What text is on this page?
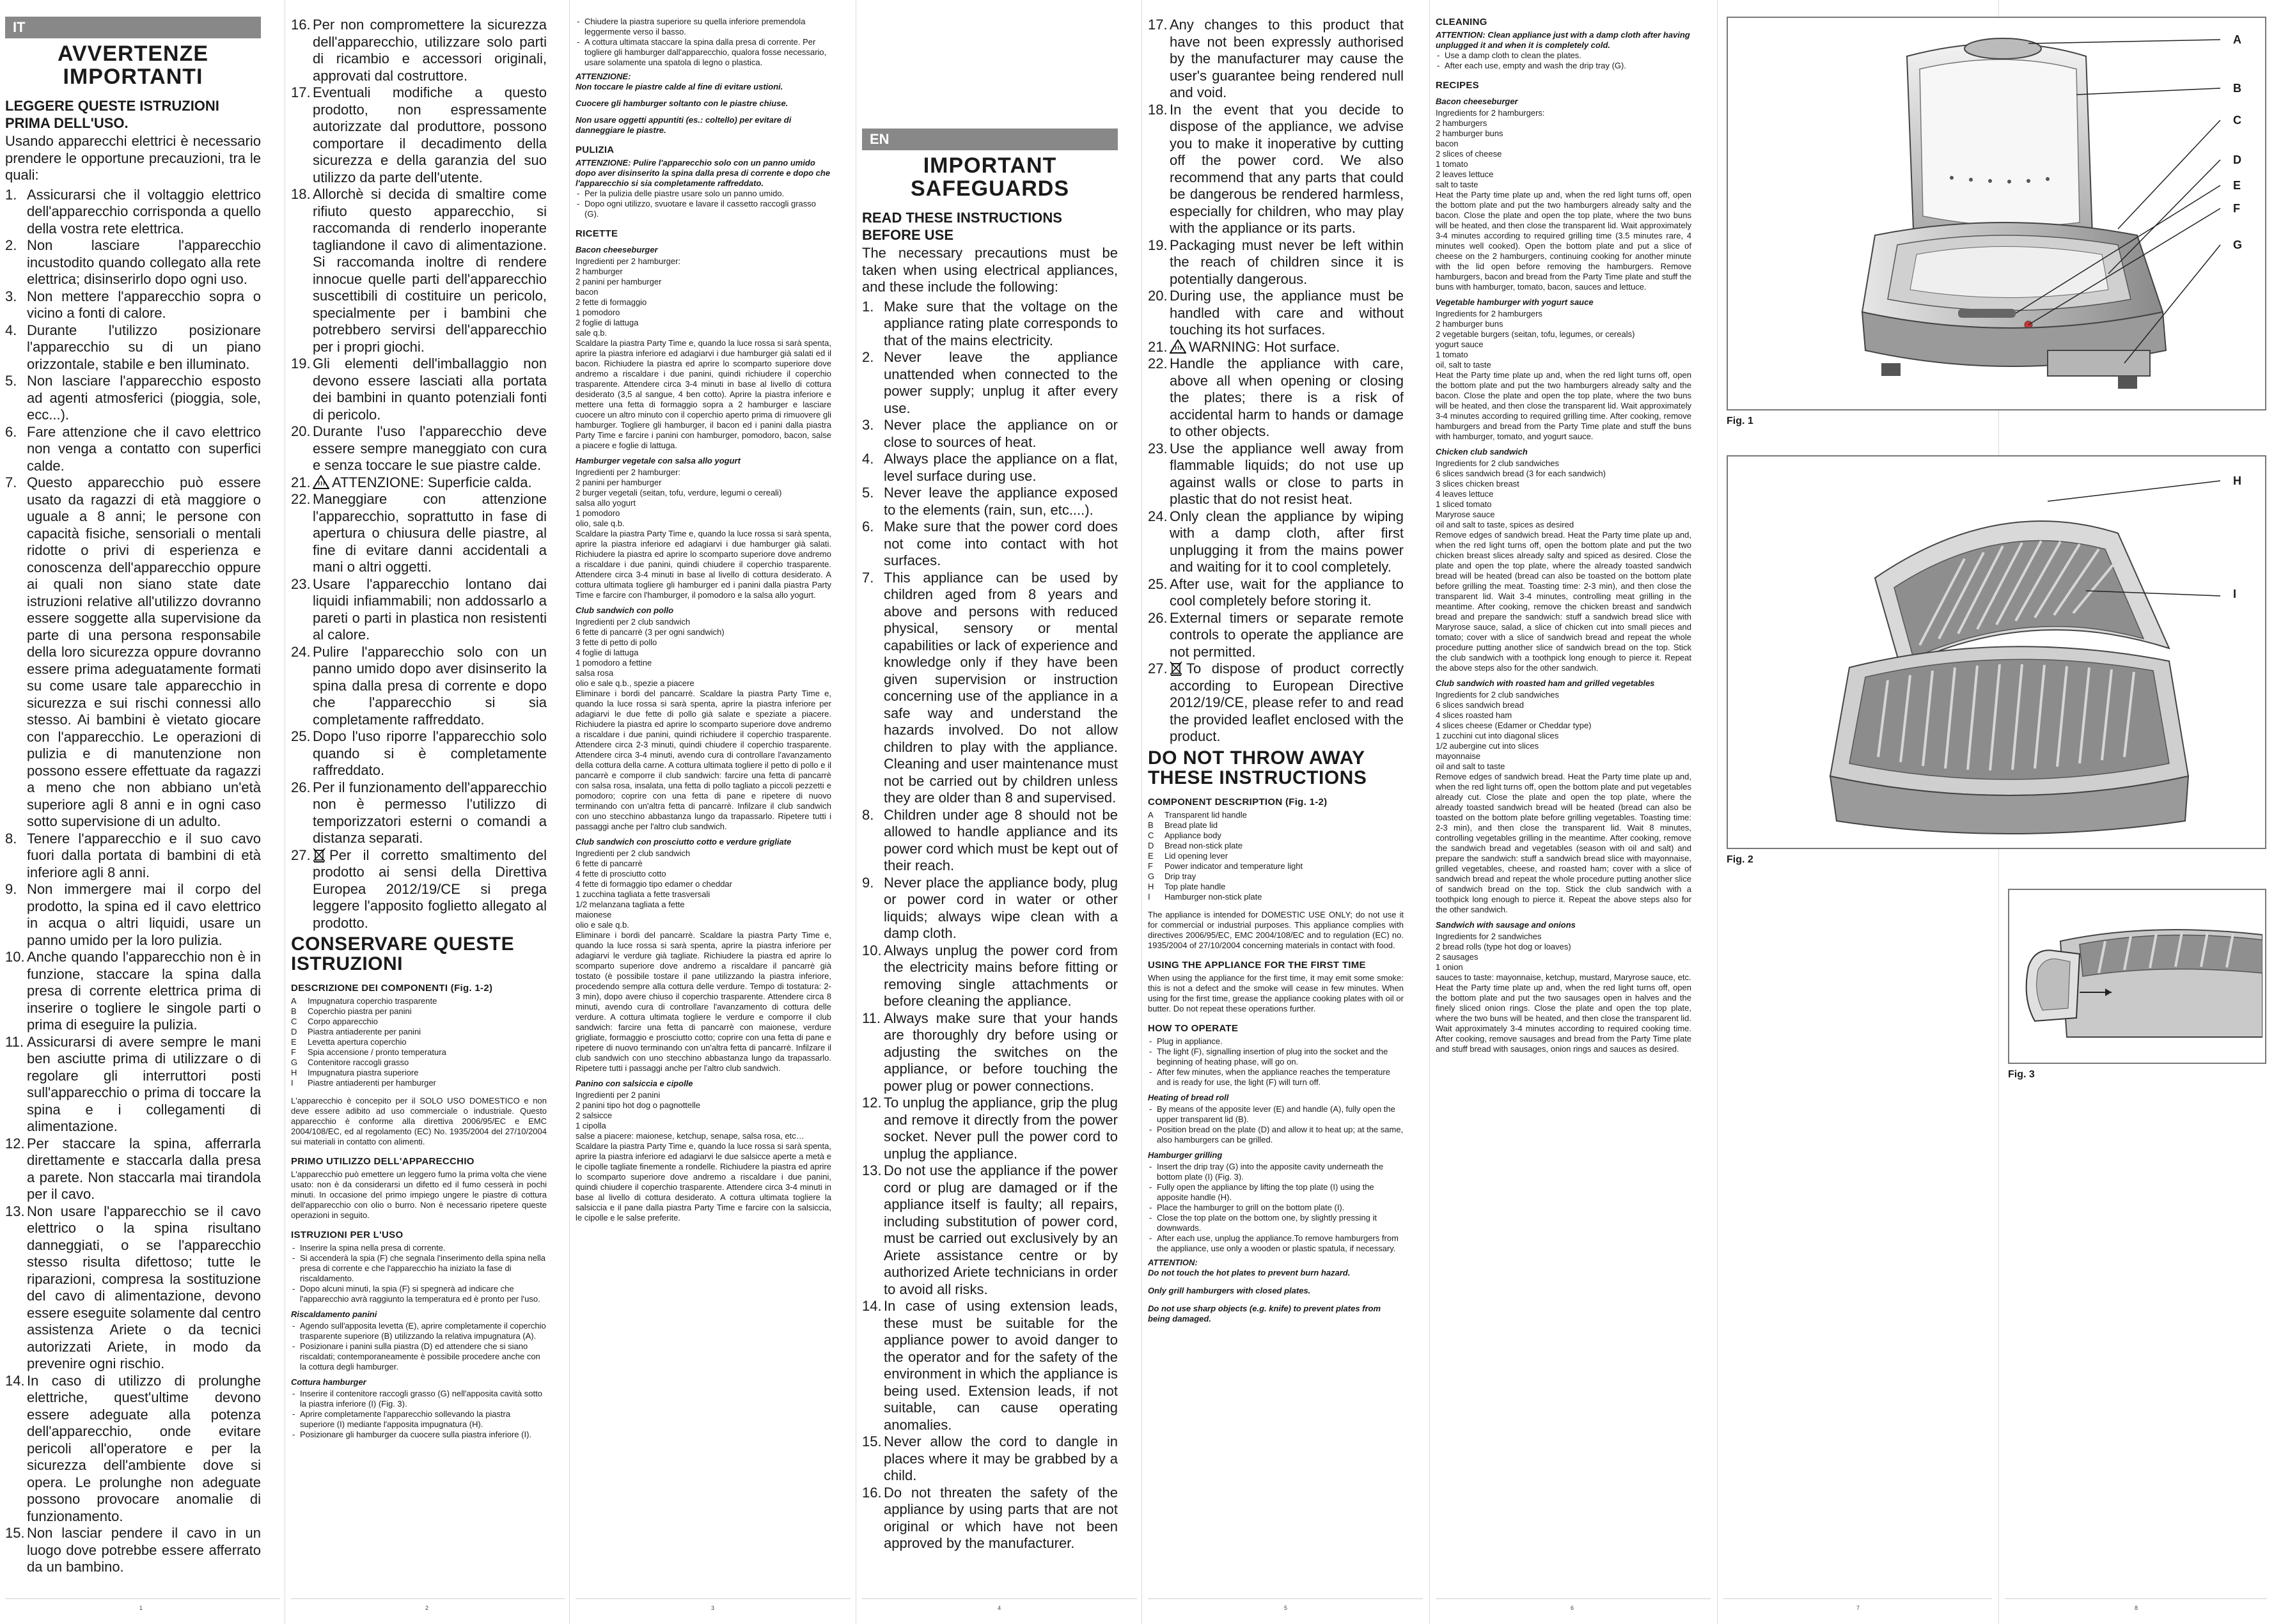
IT
AVVERTENZE
IMPORTANTI
LEGGERE QUESTE ISTRUZIONI PRIMA DELL'USO.
Usando apparecchi elettrici è necessario prendere le opportune precauzioni, tra le quali:
1. Assicurarsi che il voltaggio elettrico dell'apparecchio corrisponda a quello della vostra rete elettrica.
2. Non lasciare l'apparecchio incustodito quando collegato alla rete elettrica; disinserirlo dopo ogni uso.
3. Non mettere l'apparecchio sopra o vicino a fonti di calore.
4. Durante l'utilizzo posizionare l'apparecchio su di un piano orizzontale, stabile e ben illuminato.
5. Non lasciare l'apparecchio esposto ad agenti atmosferici (pioggia, sole, ecc...).
6. Fare attenzione che il cavo elettrico non venga a contatto con superfici calde.
7. Questo apparecchio può essere usato da ragazzi di età maggiore o uguale a 8 anni; le persone con capacità fisiche, sensoriali o mentali ridotte o privi di esperienza e conoscenza dell'apparecchio oppure ai quali non siano state date istruzioni relative all'utilizzo dovranno essere soggette alla supervisione da parte di una persona responsabile della loro sicurezza oppure dovranno essere prima adeguatamente formati su come usare tale apparecchio in sicurezza e sui rischi connessi allo stesso. Ai bambini è vietato giocare con l'apparecchio. Le operazioni di pulizia e di manutenzione non possono essere effettuate da ragazzi a meno che non abbiano un'età superiore agli 8 anni e in ogni caso sotto supervisione di un adulto.
8. Tenere l'apparecchio e il suo cavo fuori dalla portata di bambini di età inferiore agli 8 anni.
9. Non immergere mai il corpo del prodotto, la spina ed il cavo elettrico in acqua o altri liquidi, usare un panno umido per la loro pulizia.
10. Anche quando l'apparecchio non è in funzione, staccare la spina dalla presa di corrente elettrica prima di inserire o togliere le singole parti o prima di eseguire la pulizia.
11. Assicurarsi di avere sempre le mani ben asciutte prima di utilizzare o di regolare gli interruttori posti sull'apparecchio o prima di toccare la spina e i collegamenti di alimentazione.
12. Per staccare la spina, afferrarla direttamente e staccarla dalla presa a parete. Non staccarla mai tirandola per il cavo.
13. Non usare l'apparecchio se il cavo elettrico o la spina risultano danneggiati, o se l'apparecchio stesso risulta difettoso; tutte le riparazioni, compresa la sostituzione del cavo di alimentazione, devono essere eseguite solamente dal centro assistenza Ariete o da tecnici autorizzati Ariete, in modo da prevenire ogni rischio.
14. In caso di utilizzo di prolunghe elettriche, quest'ultime devono essere adeguate alla potenza dell'apparecchio, onde evitare pericoli all'operatore e per la sicurezza dell'ambiente dove si opera. Le prolunghe non adeguate possono provocare anomalie di funzionamento.
15. Non lasciar pendere il cavo in un luogo dove potrebbe essere afferrato da un bambino.
16. Per non compromettere la sicurezza dell'apparecchio, utilizzare solo parti di ricambio e accessori originali, approvati dal costruttore.
17. Eventuali modifiche a questo prodotto, non espressamente autorizzate dal produttore, possono comportare il decadimento della sicurezza e della garanzia del suo utilizzo da parte dell'utente.
18. Allorchè si decida di smaltire come rifiuto questo apparecchio, si raccomanda di renderlo inoperante tagliandone il cavo di alimentazione. Si raccomanda inoltre di rendere innocue quelle parti dell'apparecchio suscettibili di costituire un pericolo, specialmente per i bambini che potrebbero servirsi dell'apparecchio per i propri giochi.
19. Gli elementi dell'imballaggio non devono essere lasciati alla portata dei bambini in quanto potenziali fonti di pericolo.
20. Durante l'uso l'apparecchio deve essere sempre maneggiato con cura e senza toccare le sue piastre calde.
21. ATTENZIONE: Superficie calda.
22. Maneggiare con attenzione l'apparecchio, soprattutto in fase di apertura o chiusura delle piastre, al fine di evitare danni accidentali a mani o altri oggetti.
23. Usare l'apparecchio lontano dai liquidi infiammabili; non addossarlo a pareti o parti in plastica non resistenti al calore.
24. Pulire l'apparecchio solo con un panno umido dopo aver disinserito la spina dalla presa di corrente e dopo che l'apparecchio si sia completamente raffreddato.
25. Dopo l'uso riporre l'apparecchio solo quando si è completamente raffreddato.
26. Per il funzionamento dell'apparecchio non è permesso l'utilizzo di temporizzatori esterni o comandi a distanza separati.
27. Per il corretto smaltimento del prodotto ai sensi della Direttiva Europea 2012/19/CE si prega leggere l'apposito foglietto allegato al prodotto.
CONSERVARE QUESTE ISTRUZIONI
DESCRIZIONE DEI COMPONENTI (Fig. 1-2)
A	Impugnatura coperchio trasparente
B	Coperchio piastra per panini
C	Corpo apparecchio
D	Piastra antiaderente per panini
E	Levetta apertura coperchio
F	Spia accensione / pronto temperatura
G	Contenitore raccogli grasso
H	Impugnatura piastra superiore
I	Piastre antiaderenti per hamburger

L'apparecchio è concepito per il SOLO USO DOMESTICO e non deve essere adibito ad uso commerciale o industriale. Questo apparecchio è conforme alla direttiva 2006/95/EC e EMC 2004/108/EC, ed al regolamento (EC) No. 1935/2004 del 27/10/2004 sui materiali in contatto con alimenti.

PRIMO UTILIZZO DELL'APPARECCHIO

L'apparecchio può emettere un leggero fumo la prima volta che viene usato: non è da considerarsi un difetto ed il fumo cesserà in pochi minuti. In occasione del primo impiego ungere le piastre di cottura dell'apparecchio con olio o burro. Non è necessario ripetere queste operazioni in seguito.

ISTRUZIONI PER L'USO
- Inserire la spina nella presa di corrente.
- Si accenderà la spia (F) che segnala l'inserimento della spina nella presa di corrente e che l'apparecchio ha iniziato la fase di riscaldamento.
- Dopo alcuni minuti, la spia (F) si spegnerà ad indicare che l'apparecchio avrà raggiunto la temperatura ed è pronto per l'uso.
Riscaldamento panini
- Agendo sull'apposita levetta (E), aprire completamente il coperchio trasparente superiore (B) utilizzando la relativa impugnatura (A).
- Posizionare i panini sulla piastra (D) ed attendere che si siano riscaldati; contemporaneamente è possibile procedere anche con la cottura degli hamburger.
Cottura hamburger
- Inserire il contenitore raccogli grasso (G) nell'apposita cavità sotto la piastra inferiore (I) (Fig. 3).
- Aprire completamente l'apparecchio sollevando la piastra superiore (I) mediante l'apposita impugnatura (H).
- Posizionare gli hamburger da cuocere sulla piastra inferiore (I).
- Chiudere la piastra superiore su quella inferiore premendola leggermente verso il basso.
- A cottura ultimata staccare la spina dalla presa di corrente. Per togliere gli hamburger dall'apparecchio, qualora fosse necessario, usare solamente una spatola di legno o plastica.

ATTENZIONE:

Non toccare le piastre calde al fine di evitare ustioni.

Cuocere gli hamburger soltanto con le piastre chiuse.

Non usare oggetti appuntiti (es.: coltello) per evitare di danneggiare le piastre.

PULIZIA

ATTENZIONE: Pulire l'apparecchio solo con un panno umido dopo aver disinserito la spina dalla presa di corrente e dopo che l'apparecchio si sia completamente raffreddato.

- Per la pulizia delle piastre usare solo un panno umido.
- Dopo ogni utilizzo, svuotare e lavare il cassetto raccogli grasso (G).
RICETTE
Bacon cheeseburger
Ingredienti per 2 hamburger:
2 hamburger
2 panini per hamburger
bacon
2 fette di formaggio
1 pomodoro
2 foglie di lattuga
sale q.b.

Scaldare la piastra Party Time e, quando la luce rossa si sarà spenta, aprire la piastra inferiore ed adagiarvi i due hamburger già salati ed il bacon. Richiudere la piastra ed aprire lo scomparto superiore dove andremo a riscaldare i due panini, quindi richiudere il coperchio trasparente. Attendere circa 3-4 minuti in base al livello di cottura desiderato (3,5 al sangue, 4 ben cotto). Aprire la piastra inferiore e mettere una fetta di formaggio sopra a 2 hamburger e lasciare cuocere un altro minuto con il coperchio aperto prima di rimuovere gli hamburger. Togliere gli hamburger, il bacon ed i panini dalla piastra Party Time e farcire i panini con hamburger, pomodoro, bacon, salse a piacere e foglie di lattuga.

Hamburger vegetale con salsa allo yogurt
Ingredienti per 2 hamburger:
2 panini per hamburger
2 burger vegetali (seitan, tofu, verdure, legumi o cereali)
salsa allo yogurt
1 pomodoro
olio, sale q.b.

Scaldare la piastra Party Time e, quando la luce rossa si sarà spenta, aprire la piastra inferiore ed adagiarvi i due hamburger già salati. Richiudere la piastra ed aprire lo scomparto superiore dove andremo a riscaldare i due panini, quindi chiudere il coperchio trasparente. Attendere circa 3-4 minuti in base al livello di cottura desiderato. A cottura ultimata togliere gli hamburger ed i panini dalla piastra Party Time e farcire con l'hamburger, il pomodoro e la salsa allo yogurt.

Club sandwich con pollo
Ingredienti per 2 club sandwich
6 fette di pancarrè (3 per ogni sandwich)
3 fette di petto di pollo
4 foglie di lattuga
1 pomodoro a fettine
salsa rosa
olio e sale q.b., spezie a piacere

Eliminare i bordi del pancarrè. Scaldare la piastra Party Time e, quando la luce rossa si sarà spenta, aprire la piastra inferiore per adagiarvi le due fette di pollo già salate e speziate a piacere. Richiudere la piastra ed aprire lo scomparto superiore dove andremo a riscaldare i due panini, quindi richiudere il coperchio trasparente. Attendere circa 2-3 minuti, quindi chiudere il coperchio trasparente. Attendere circa 3-4 minuti, avendo cura di controllare l'avanzamento della cottura della carne. A cottura ultimata togliere il petto di pollo e il pancarrè e comporre il club sandwich: farcire una fetta di pancarrè con salsa rosa, insalata, una fetta di pollo tagliato a piccoli pezzetti e pomodoro; coprire con una fetta di pane e ripetere di nuovo terminando con un'altra fetta di pancarrè. Infilzare il club sandwich con uno stecchino abbastanza lungo da trapassarlo. Ripetere tutti i passaggi anche per l'altro club sandwich.

Club sandwich con prosciutto cotto e verdure grigliate
Ingredienti per 2 club sandwich
6 fette di pancarrè
4 fette di prosciutto cotto
4 fette di formaggio tipo edamer o cheddar
1 zucchina tagliata a fette trasversali
1/2 melanzana tagliata a fette
maionese
olio e sale q.b.

Eliminare i bordi del pancarrè. Scaldare la piastra Party Time e, quando la luce rossa si sarà spenta, aprire la piastra inferiore per adagiarvi le verdure già tagliate. Richiudere la piastra ed aprire lo scomparto superiore dove andremo a riscaldare il pancarrè già tostato (è possibile tostare il pane utilizzando la piastra inferiore, procedendo sempre alla cottura delle verdure. Tempo di tostatura: 2-3 min), dopo avere chiuso il coperchio trasparente. Attendere circa 8 minuti, avendo cura di controllare l'avanzamento di cottura delle verdure. A cottura ultimata togliere le verdure e comporre il club sandwich: farcire una fetta di pancarrè con maionese, verdure grigliate, formaggio e prosciutto cotto; coprire con una fetta di pane e ripetere di nuovo terminando con un'altra fetta di pancarrè. Infilzare il club sandwich con uno stecchino abbastanza lungo da trapassarlo. Ripetere tutti i passaggi anche per l'altro club sandwich.

Panino con salsiccia e cipolle
Ingredienti per 2 panini
2 panini tipo hot dog o pagnottelle
2 salsicce
1 cipolla
salse a piacere: maionese, ketchup, senape, salsa rosa, etc…

Scaldare la piastra Party Time e, quando la luce rossa si sarà spenta, aprire la piastra inferiore ed adagiarvi le due salsicce aperte a metà e le cipolle tagliate finemente a rondelle. Richiudere la piastra ed aprire lo scomparto superiore dove andremo a riscaldare i due panini, quindi chiudere il coperchio trasparente. Attendere circa 3-4 minuti in base al livello di cottura desiderato. A cottura ultimata togliere la salsiccia e il pane dalla piastra Party Time e farcire con la salsiccia, le cipolle e le salse preferite.

EN
IMPORTANT
SAFEGUARDS
READ THESE INSTRUCTIONS BEFORE USE
The necessary precautions must be taken when using electrical appliances, and these include the following:
1. Make sure that the voltage on the appliance rating plate corresponds to that of the mains electricity.
2. Never leave the appliance unattended when connected to the power supply; unplug it after every use.
3. Never place the appliance on or close to sources of heat.
4. Always place the appliance on a flat, level surface during use.
5. Never leave the appliance exposed to the elements (rain, sun, etc....).
6. Make sure that the power cord does not come into contact with hot surfaces.
7. This appliance can be used by children aged from 8 years and above and persons with reduced physical, sensory or mental capabilities or lack of experience and knowledge only if they have been given supervision or instruction concerning use of the appliance in a safe way and understand the hazards involved. Do not allow children to play with the appliance. Cleaning and user maintenance must not be carried out by children unless they are older than 8 and supervised.
8. Children under age 8 should not be allowed to handle appliance and its power cord which must be kept out of their reach.
9. Never place the appliance body, plug or power cord in water or other liquids; always wipe clean with a damp cloth.
10. Always unplug the power cord from the electricity mains before fitting or removing single attachments or before cleaning the appliance.
11. Always make sure that your hands are thoroughly dry before using or adjusting the switches on the appliance, or before touching the power plug or power connections.
12. To unplug the appliance, grip the plug and remove it directly from the power socket. Never pull the power cord to unplug the appliance.
13. Do not use the appliance if the power cord or plug are damaged or if the appliance itself is faulty; all repairs, including substitution of power cord, must be carried out exclusively by an Ariete assistance centre or by authorized Ariete technicians in order to avoid all risks.
14. In case of using extension leads, these must be suitable for the appliance power to avoid danger to the operator and for the safety of the environment in which the appliance is being used. Extension leads, if not suitable, can cause operating anomalies.
15. Never allow the cord to dangle in places where it may be grabbed by a child.
16. Do not threaten the safety of the appliance by using parts that are not original or which have not been approved by the manufacturer.
17. Any changes to this product that have not been expressly authorised by the manufacturer may cause the user's guarantee being rendered null and void.
18. In the event that you decide to dispose of the appliance, we advise you to make it inoperative by cutting off the power cord. We also recommend that any parts that could be dangerous be rendered harmless, especially for children, who may play with the appliance or its parts.
19. Packaging must never be left within the reach of children since it is potentially dangerous.
20. During use, the appliance must be handled with care and without touching its hot surfaces.
21. WARNING: Hot surface.
22. Handle the appliance with care, above all when opening or closing the plates; there is a risk of accidental harm to hands or damage to other objects.
23. Use the appliance well away from flammable liquids; do not use up against walls or close to parts in plastic that do not resist heat.
24. Only clean the appliance by wiping with a damp cloth, after first unplugging it from the mains power and waiting for it to cool completely.
25. After use, wait for the appliance to cool completely before storing it.
26. External timers or separate remote controls to operate the appliance are not permitted.
27. To dispose of product correctly according to European Directive 2012/19/CE, please refer to and read the provided leaflet enclosed with the product.
DO NOT THROW AWAY THESE INSTRUCTIONS
COMPONENT DESCRIPTION (Fig. 1-2)
A	Transparent lid handle
B	Bread plate lid
C	Appliance body
D	Bread non-stick plate
E	Lid opening lever
F	Power indicator and temperature light
G	Drip tray
H	Top plate handle
I	Hamburger non-stick plate

The appliance is intended for DOMESTIC USE ONLY; do not use it for commercial or industrial purposes. This appliance complies with directives 2006/95/EC, EMC 2004/108/EC and to regulation (EC) no. 1935/2004 of 27/10/2004 concerning materials in contact with food.

USING THE APPLIANCE FOR THE FIRST TIME

When using the appliance for the first time, it may emit some smoke: this is not a defect and the smoke will cease in few minutes. When using for the first time, grease the appliance cooking plates with oil or butter. Do not repeat these operations further.

HOW TO OPERATE
- Plug in appliance.
- The light (F), signalling insertion of plug into the socket and the beginning of heating phase, will go on.
- After few minutes, when the appliance reaches the temperature and is ready for use, the light (F) will turn off.
Heating of bread roll
- By means of the apposite lever (E) and handle (A), fully open the upper transparent lid (B).
- Position bread on the plate (D) and allow it to heat up; at the same, also hamburgers can be grilled.
Hamburger grilling
- Insert the drip tray (G) into the apposite cavity underneath the bottom plate (I) (Fig. 3).
- Fully open the appliance by lifting the top plate (I) using the apposite handle (H).
- Place the hamburger to grill on the bottom plate (I).
- Close the top plate on the bottom one, by slightly pressing it downwards.
- After each use, unplug the appliance.To remove hamburgers from the appliance, use only a wooden or plastic spatula, if necessary.

ATTENTION:

Do not touch the hot plates to prevent burn hazard.

Only grill hamburgers with closed plates.

Do not use sharp objects (e.g. knife) to prevent plates from being damaged.

CLEANING

ATTENTION: Clean appliance just with a damp cloth after having unplugged it and when it is completely cold.

- Use a damp cloth to clean the plates.
- After each use, empty and wash the drip tray (G).
RECIPES
Bacon cheeseburger
Ingredients for 2 hamburgers:
2 hamburgers
2 hamburger buns
bacon
2 slices of cheese
1 tomato
2 leaves lettuce
salt to taste

Heat the Party time plate up and, when the red light turns off, open the bottom plate and put the two hamburgers already salty and the bacon. Close the plate and open the top plate, where the two buns will be heated, and then close the transparent lid. Wait approximately 3-4 minutes according to required grilling time (3.5 minutes rare, 4 minutes well cooked). Open the bottom plate and put a slice of cheese on the 2 hamburgers, continuing cooking for another minute with the lid open before removing the hamburgers. Remove hamburgers, bacon and bread from the Party Time plate and stuff the buns with hamburger, tomato, bacon, sauces and lettuce.

Vegetable hamburger with yogurt sauce
Ingredients for 2 hamburgers
2 hamburger buns
2 vegetable burgers (seitan, tofu, legumes, or cereals)
yogurt sauce
1 tomato
oil, salt to taste

Heat the Party time plate up and, when the red light turns off, open the bottom plate and put the two hamburgers already salty and the bacon. Close the plate and open the top plate, where the two buns will be heated, and then close the transparent lid. Wait approximately 3-4 minutes according to required grilling time. After cooking, remove hamburgers and bread from the Party Time plate and stuff the buns with hamburger, tomato, and yogurt sauce.

Chicken club sandwich
Ingredients for 2 club sandwiches
6 slices sandwich bread (3 for each sandwich)
3 slices chicken breast
4 leaves lettuce
1 sliced tomato
Maryrose sauce
oil and salt to taste, spices as desired

Remove edges of sandwich bread. Heat the Party time plate up and, when the red light turns off, open the bottom plate and put the two chicken breast slices already salty and spiced as desired. Close the plate and open the top plate, where the already toasted sandwich bread will be heated (bread can also be toasted on the bottom plate before grilling the meat. Toasting time: 2-3 min), and then close the transparent lid. Wait 3-4 minutes, controlling meat grilling in the meantime. After cooking, remove the chicken breast and sandwich bread and prepare the sandwich: stuff a sandwich bread slice with Maryrose sauce, salad, a slice of chicken cut into small pieces and tomato; cover with a slice of sandwich bread and repeat the whole procedure putting another slice of sandwich bread on the top. Stick the club sandwich with a toothpick long enough to pierce it. Repeat the above steps also for the other sandwich.

Club sandwich with roasted ham and grilled vegetables
Ingredients for 2 club sandwiches
6 slices sandwich bread
4 slices roasted ham
4 slices cheese (Edamer or Cheddar type)
1 zucchini cut into diagonal slices
1/2 aubergine cut into slices
mayonnaise
oil and salt to taste

Remove edges of sandwich bread. Heat the Party time plate up and, when the red light turns off, open the bottom plate and put vegetables already cut. Close the plate and open the top plate, where the already toasted sandwich bread will be heated (bread can also be toasted on the bottom plate before grilling vegetables. Toasting time: 2-3 min), and then close the transparent lid. Wait 8 minutes, controlling vegetables grilling in the meantime. After cooking, remove the sandwich bread and vegetables (season with oil and salt) and prepare the sandwich: stuff a sandwich bread slice with mayonnaise, grilled vegetables, cheese, and roasted ham; cover with a slice of sandwich bread and repeat the whole procedure putting another slice of sandwich bread on the top. Stick the club sandwich with a toothpick long enough to pierce it. Repeat the above steps also for the other sandwich.

Sandwich with sausage and onions
Ingredients for 2 sandwiches
2 bread rolls (type hot dog or loaves)
2 sausages
1 onion
sauces to taste: mayonnaise, ketchup, mustard, Maryrose sauce, etc.

Heat the Party time plate up and, when the red light turns off, open the bottom plate and put the two sausages open in halves and the finely sliced onion rings. Close the plate and open the top plate, where the two buns will be heated, and then close the transparent lid. Wait approximately 3-4 minutes according to required cooking time. After cooking, remove sausages and bread from the Party Time plate and stuff bread with sausages, onion rings and sauces as desired.

A
B
C
D
E
F
G
Fig. 1
H
I
Fig. 2
Fig. 3
1	2	3	4	5	6	7	8
